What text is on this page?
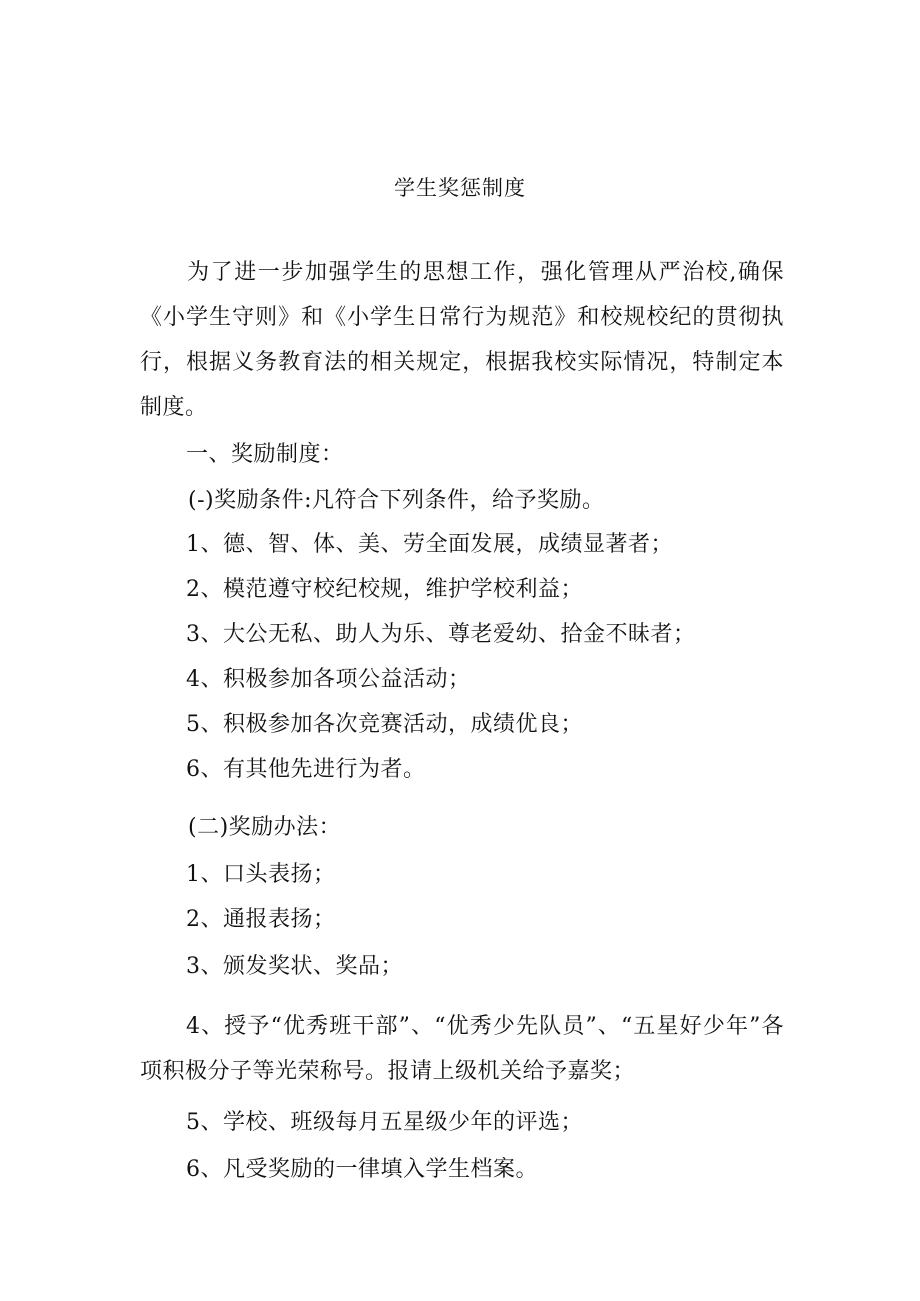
学生奖惩制度
为了进一步加强学生的思想工作，强化管理从严治校,确保《小学生守则》和《小学生日常行为规范》和校规校纪的贯彻执行，根据义务教育法的相关规定，根据我校实际情况，特制定本制度。
一、奖励制度：
(-)奖励条件:凡符合下列条件，给予奖励。
1、德、智、体、美、劳全面发展，成绩显著者；
2、模范遵守校纪校规，维护学校利益；
3、大公无私、助人为乐、尊老爱幼、拾金不昧者；
4、积极参加各项公益活动；
5、积极参加各次竞赛活动，成绩优良；
6、有其他先进行为者。
(二)奖励办法：
1、口头表扬；
2、通报表扬；
3、颁发奖状、奖品；
4、授予“优秀班干部”、“优秀少先队员”、“五星好少年”各项积极分子等光荣称号。报请上级机关给予嘉奖；
5、学校、班级每月五星级少年的评选；
6、凡受奖励的一律填入学生档案。
